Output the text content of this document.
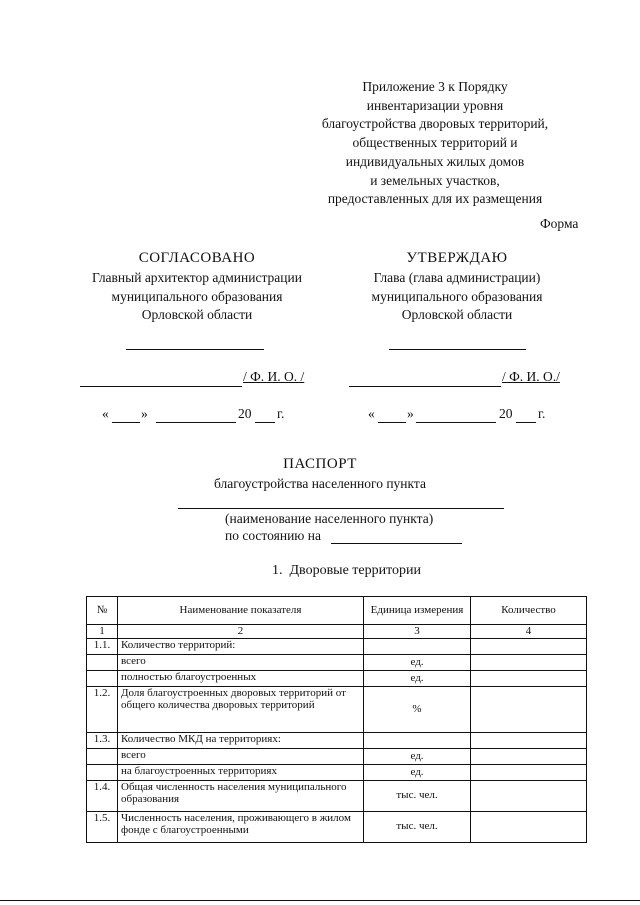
Приложение 3 к Порядку
инвентаризации уровня
благоустройства дворовых территорий,
общественных территорий и
индивидуальных жилых домов
и земельных участков,
предоставленных для их размещения
Форма
СОГЛАСОВАНО
Главный архитектор администрации
муниципального образования
Орловской области
УТВЕРЖДАЮ
Глава (глава администрации)
муниципального образования
Орловской области
/ Ф. И. О. /	/ Ф. И. О./
« »	20 г.	« »	20 г.
ПАСПОРТ
благоустройства населенного пункта
(наименование населенного пункта)
по состоянию на
1.  Дворовые территории
№	Наименование показателя	Единица измерения	Количество
1	2	3	4
1.1.	Количество территорий:		
	всего	ед.	
	полностью благоустроенных	ед.	
1.2.	Доля благоустроенных дворовых территорий от общего количества дворовых территорий	%	
1.3.	Количество МКД на территориях:		
	всего	ед.	
	на благоустроенных территориях	ед.	
1.4.	Общая численность населения муниципального образования	тыс. чел.	
1.5.	Численность населения, проживающего в жилом фонде с благоустроенными	тыс. чел.	
